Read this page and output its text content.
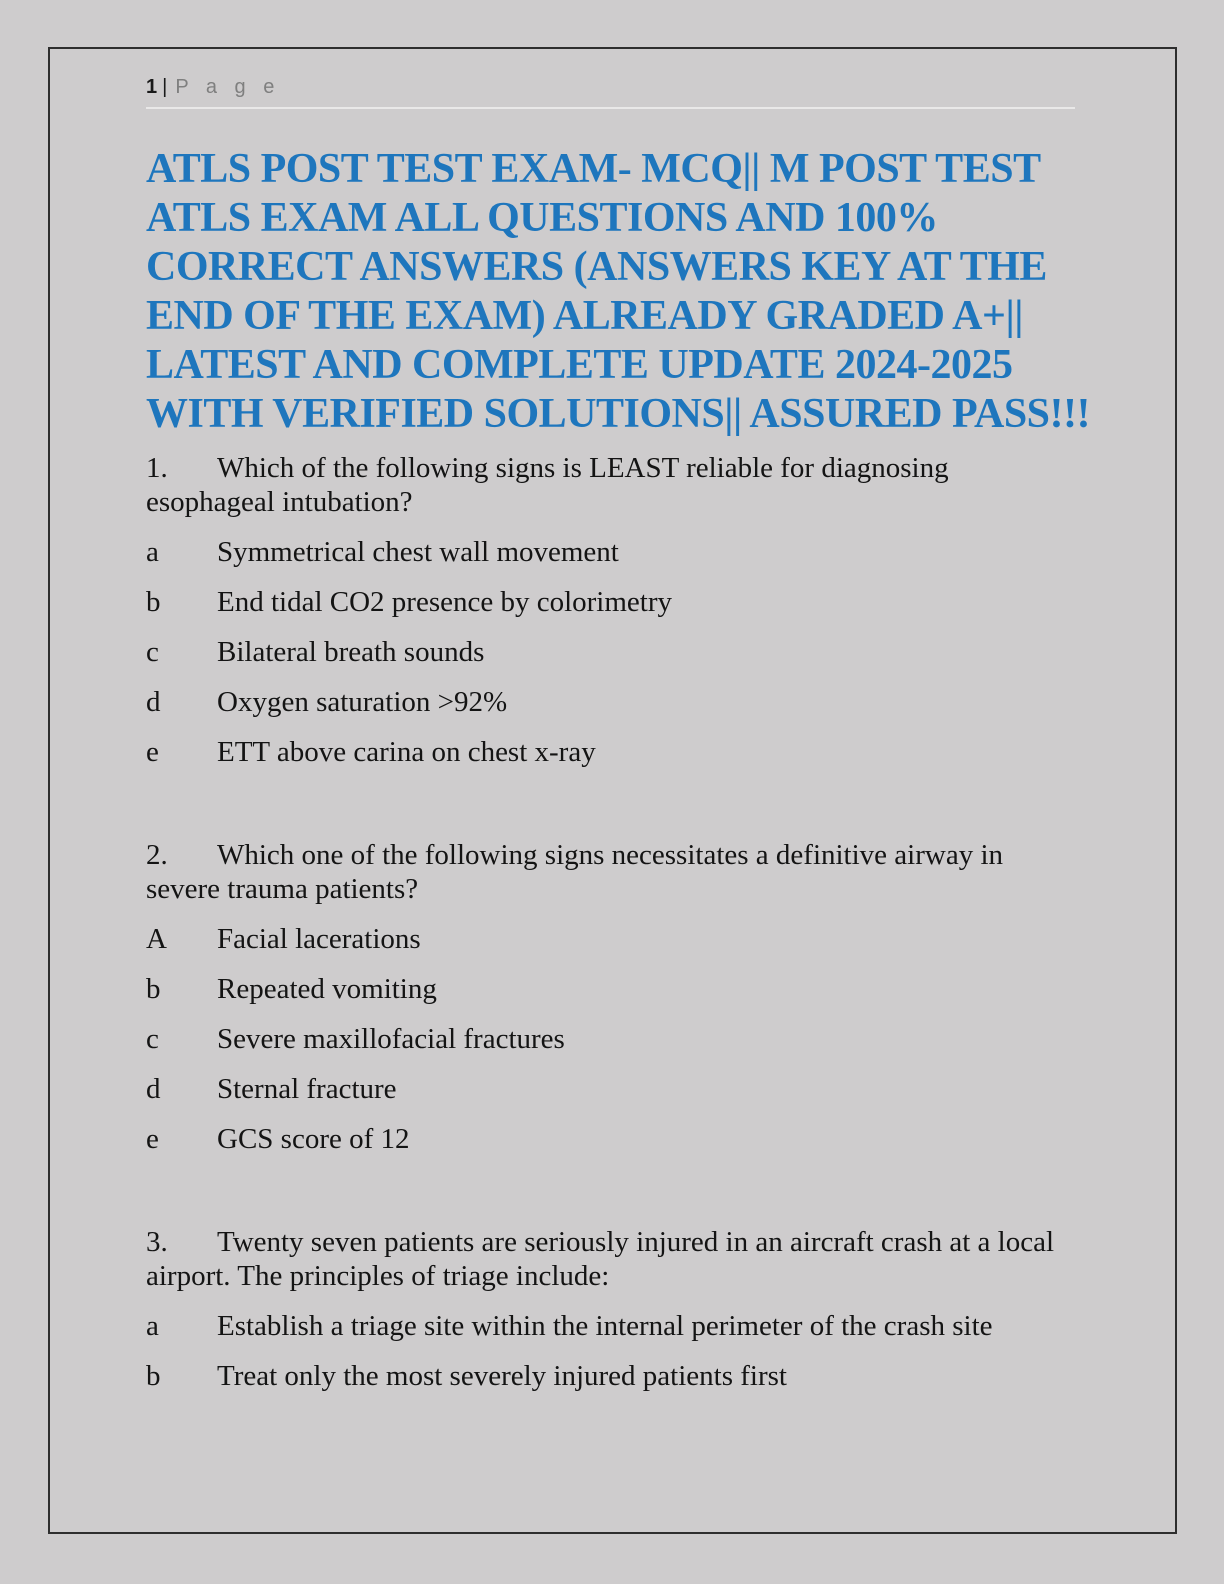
1 | P a g e
ATLS POST TEST EXAM- MCQ|| M POST TEST
ATLS EXAM ALL QUESTIONS AND 100%
CORRECT ANSWERS (ANSWERS KEY AT THE
END OF THE EXAM) ALREADY GRADED A+||
LATEST AND COMPLETE UPDATE 2024-2025
WITH VERIFIED SOLUTIONS|| ASSURED PASS!!!

1. Which of the following signs is LEAST reliable for diagnosing esophageal intubation?

a Symmetrical chest wall movement

b End tidal CO2 presence by colorimetry

c Bilateral breath sounds

d Oxygen saturation >92%

e ETT above carina on chest x-ray

2. Which one of the following signs necessitates a definitive airway in severe trauma patients?

A Facial lacerations

b Repeated vomiting

c Severe maxillofacial fractures

d Sternal fracture

e GCS score of 12

3. Twenty seven patients are seriously injured in an aircraft crash at a local airport. The principles of triage include:

a Establish a triage site within the internal perimeter of the crash site

b Treat only the most severely injured patients first
